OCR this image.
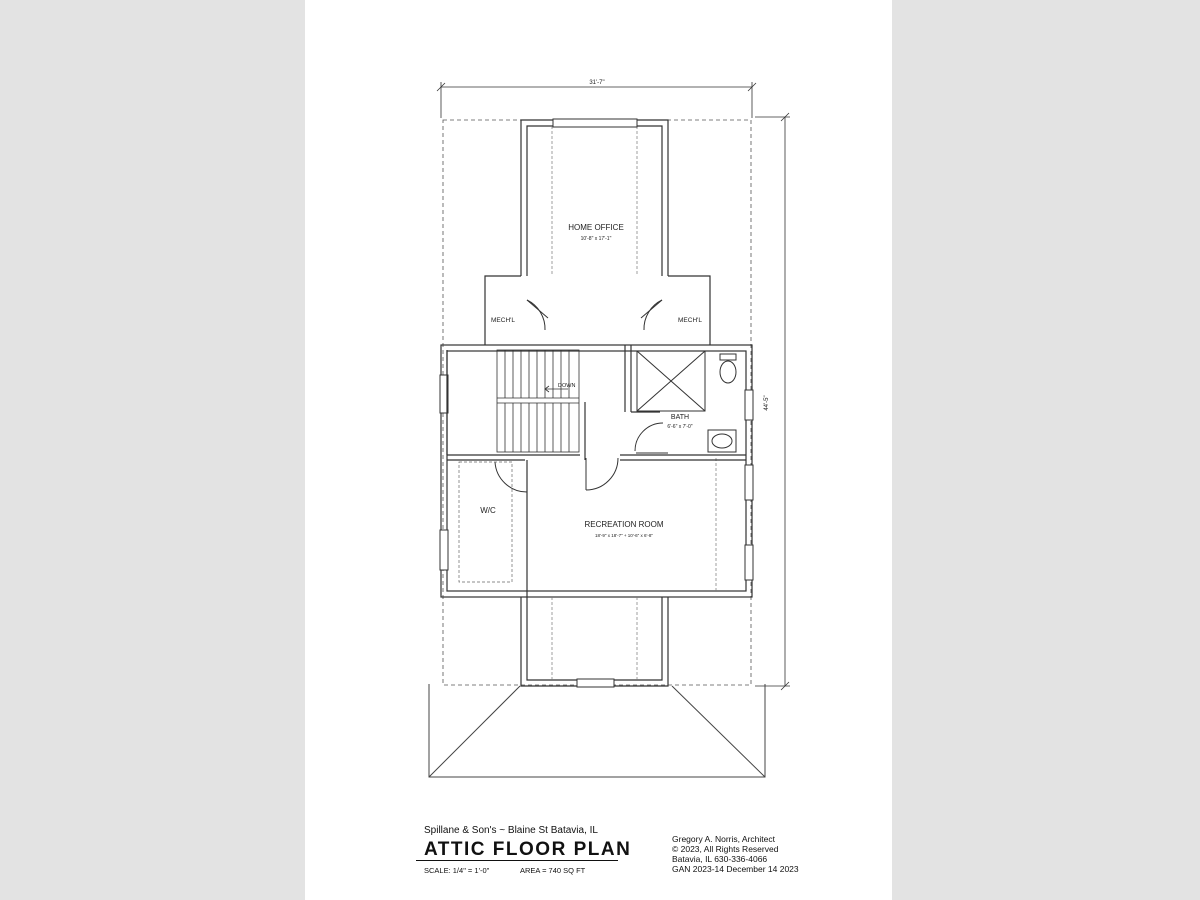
31'-7"
44'-5"
DOWN
HOME OFFICE
10'-8" x 17'-1"
MECH'L	MECH'L
BATH
6'-6" x 7'-0"
W/C
RECREATION ROOM
18'-9" x 18'-7" + 10'-6" x 6'-8"
Spillane & Son's ~ Blaine St Batavia, IL
ATTIC FLOOR PLAN
SCALE: 1/4" = 1'-0"	AREA = 740 SQ FT
Gregory A. Norris, Architect
© 2023, All Rights Reserved
Batavia, IL 630-336-4066
GAN 2023-14 December 14 2023
